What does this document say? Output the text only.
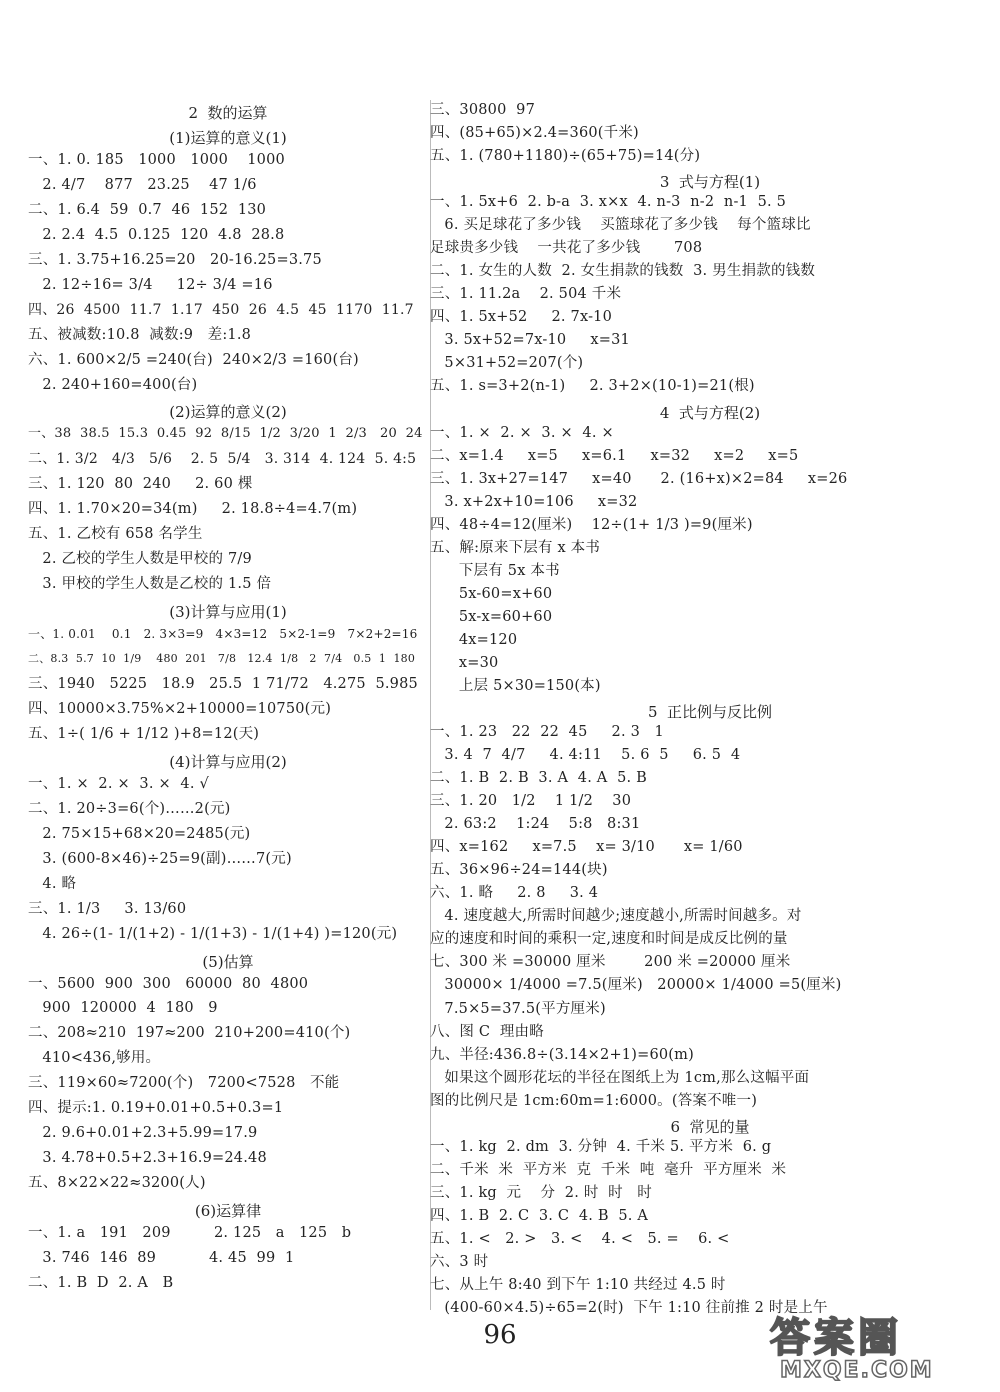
2  数的运算
(1)运算的意义(1)
一、1. 0. 185   1000   1000    1000
2. 4/7    877   23.25    47 1/6
二、1. 6.4  59  0.7  46  152  130
2. 2.4  4.5  0.125  120  4.8  28.8
三、1. 3.75+16.25=20   20-16.25=3.75
2. 12÷16= 3/4     12÷ 3/4 =16
四、26  4500  11.7  1.17  450  26  4.5  45  1170  11.7
五、被减数:10.8  减数:9   差:1.8
六、1. 600×2/5 =240(台)  240×2/3 =160(台)
2. 240+160=400(台)
(2)运算的意义(2)
一、38  38.5  15.3  0.45  92  8/15  1/2  3/20  1  2/3   20  24
二、1. 3/2   4/3   5/6    2. 5  5/4   3. 314  4. 124  5. 4:5
三、1. 120  80  240     2. 60 棵
四、1. 1.70×20=34(m)     2. 18.8÷4=4.7(m)
五、1. 乙校有 658 名学生
2. 乙校的学生人数是甲校的 7/9
3. 甲校的学生人数是乙校的 1.5 倍
(3)计算与应用(1)
一、1. 0.01    0.1   2. 3×3=9   4×3=12   5×2-1=9   7×2+2=16
二、8.3  5.7  10  1/9    480  201   7/8   12.4  1/8   2  7/4   0.5  1  180
三、1940   5225   18.9   25.5  1 71/72   4.275  5.985
四、10000×3.75%×2+10000=10750(元)
五、1÷( 1/6 + 1/12 )+8=12(天)
(4)计算与应用(2)
一、1. ×  2. ×  3. ×  4. √
二、1. 20÷3=6(个)……2(元)
2. 75×15+68×20=2485(元)
3. (600-8×46)÷25=9(副)……7(元)
4. 略
三、1. 1/3     3. 13/60
4. 26÷(1- 1/(1+2) - 1/(1+3) - 1/(1+4) )=120(元)
(5)估算
一、5600  900  300   60000  80  4800
900  120000  4  180   9
二、208≈210  197≈200  210+200=410(个)
410<436,够用。
三、119×60≈7200(个)   7200<7528   不能
四、提示:1. 0.19+0.01+0.5+0.3=1
2. 9.6+0.01+2.3+5.99=17.9
3. 4.78+0.5+2.3+16.9=24.48
五、8×22×22≈3200(人)
(6)运算律
一、1. a   191   209         2. 125   a   125   b
3. 746  146  89           4. 45  99  1
二、1. B  D  2. A   B
三、30800  97
四、(85+65)×2.4=360(千米)
五、1. (780+1180)÷(65+75)=14(分)
3  式与方程(1)
一、1. 5x+6  2. b-a  3. x×x  4. n-3  n-2  n-1  5. 5
6. 买足球花了多少钱    买篮球花了多少钱    每个篮球比
足球贵多少钱    一共花了多少钱       708
二、1. 女生的人数  2. 女生捐款的钱数  3. 男生捐款的钱数
三、1. 11.2a    2. 504 千米
四、1. 5x+52     2. 7x-10
3. 5x+52=7x-10     x=31
5×31+52=207(个)
五、1. s=3+2(n-1)     2. 3+2×(10-1)=21(根)
4  式与方程(2)
一、1. ×  2. ×  3. ×  4. ×
二、x=1.4     x=5     x=6.1     x=32     x=2     x=5
三、1. 3x+27=147     x=40      2. (16+x)×2=84     x=26
3. x+2x+10=106     x=32
四、48÷4=12(厘米)    12÷(1+ 1/3 )=9(厘米)
五、解:原来下层有 x 本书
下层有 5x 本书
5x-60=x+60
5x-x=60+60
4x=120
x=30
上层 5×30=150(本)
5  正比例与反比例
一、1. 23   22  22  45     2. 3   1
3. 4  7  4/7     4. 4:11    5. 6  5     6. 5  4
二、1. B  2. B  3. A  4. A  5. B
三、1. 20   1/2    1 1/2    30
2. 63:2    1:24    5:8   8:31
四、x=162     x=7.5    x= 3/10      x= 1/60
五、36×96÷24=144(块)
六、1. 略     2. 8     3. 4
4. 速度越大,所需时间越少;速度越小,所需时间越多。对
应的速度和时间的乘积一定,速度和时间是成反比例的量
七、300 米 =30000 厘米        200 米 =20000 厘米
30000× 1/4000 =7.5(厘米)   20000× 1/4000 =5(厘米)
7.5×5=37.5(平方厘米)
八、图 C  理由略
九、半径:436.8÷(3.14×2+1)=60(m)
如果这个圆形花坛的半径在图纸上为 1cm,那么这幅平面
图的比例尺是 1cm:60m=1:6000。(答案不唯一)
6  常见的量
一、1. kg  2. dm  3. 分钟  4. 千米 5. 平方米  6. g
二、千米  米  平方米  克  千米  吨  毫升  平方厘米  米
三、1. kg  元    分  2. 时  时   时
四、1. B  2. C  3. C  4. B  5. A
五、1. <   2. >   3. <    4. <   5. =    6. <
六、3 时
七、从上午 8:40 到下午 1:10 共经过 4.5 时
(400-60×4.5)÷65=2(时)  下午 1:10 往前推 2 时是上午
96	答案圈
MXQE.COM
